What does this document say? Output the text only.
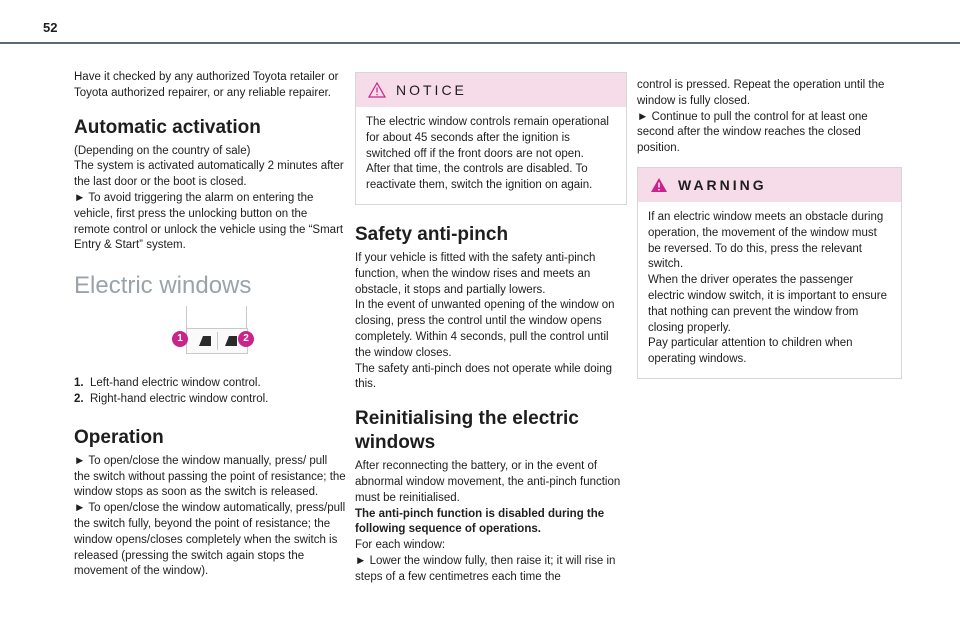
52

Have it checked by any authorized Toyota retailer or Toyota authorized repairer, or any reliable repairer.

Automatic activation

(Depending on the country of sale)

The system is activated automatically 2 minutes after the last door or the boot is closed.

► To avoid triggering the alarm on entering the vehicle, first press the unlocking button on the remote control or unlock the vehicle using the “Smart Entry & Start” system.

Electric windows
1	2
1. Left-hand electric window control.
2. Right-hand electric window control.
Operation

► To open/close the window manually, press/ pull the switch without passing the point of resistance; the window stops as soon as the switch is released.

► To open/close the window automatically, press/pull the switch fully, beyond the point of resistance; the window opens/closes completely when the switch is released (pressing the switch again stops the movement of the window).

NOTICE

The electric window controls remain operational for about 45 seconds after the ignition is switched off if the front doors are not open.

After that time, the controls are disabled. To reactivate them, switch the ignition on again.

Safety anti-pinch

If your vehicle is fitted with the safety anti-pinch function, when the window rises and meets an obstacle, it stops and partially lowers.

In the event of unwanted opening of the window on closing, press the control until the window opens completely. Within 4 seconds, pull the control until the window closes.

The safety anti-pinch does not operate while doing this.

Reinitialising the electric windows

After reconnecting the battery, or in the event of abnormal window movement, the anti-pinch function must be reinitialised.

The anti-pinch function is disabled during the following sequence of operations.

For each window:

► Lower the window fully, then raise it; it will rise in steps of a few centimetres each time the

control is pressed. Repeat the operation until the window is fully closed.

► Continue to pull the control for at least one second after the window reaches the closed position.

WARNING

If an electric window meets an obstacle during operation, the movement of the window must be reversed. To do this, press the relevant switch.

When the driver operates the passenger electric window switch, it is important to ensure that nothing can prevent the window from closing properly.

Pay particular attention to children when operating windows.
